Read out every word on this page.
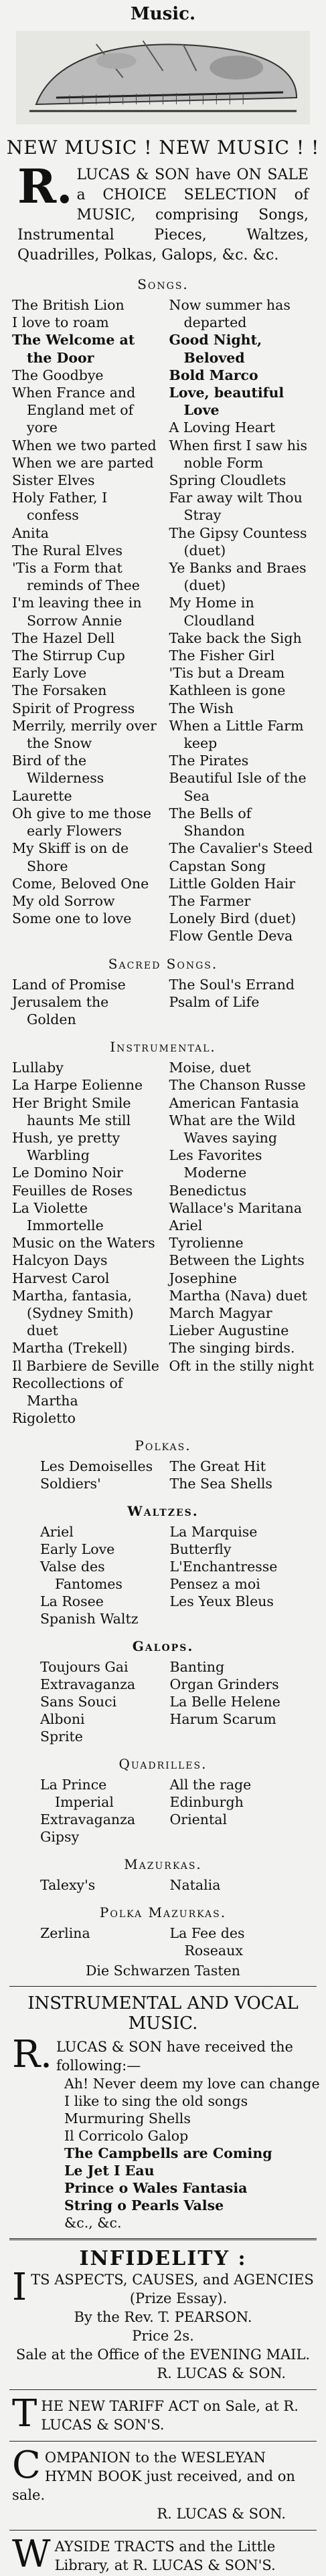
Music.
NEW MUSIC ! NEW MUSIC ! !
R. LUCAS & SON have ON SALE a CHOICE SELECTION of MUSIC, comprising Songs, Instrumental Pieces, Waltzes, Quadrilles, Polkas, Galops, &c. &c.
Songs.
The British Lion
I love to roam
The Welcome at the Door
The Goodbye
When France and England met of yore
When we two parted
When we are parted
Sister Elves
Holy Father, I confess
Anita
The Rural Elves
'Tis a Form that reminds of Thee
I'm leaving thee in Sorrow Annie
The Hazel Dell
The Stirrup Cup
Early Love
The Forsaken
Spirit of Progress
Merrily, merrily over the Snow
Bird of the Wilderness
Laurette
Oh give to me those early Flowers
My Skiff is on de Shore
Come, Beloved One
My old Sorrow
Some one to love
Now summer has departed
Good Night, Beloved
Bold Marco
Love, beautiful Love
A Loving Heart
When first I saw his noble Form
Spring Cloudlets
Far away wilt Thou Stray
The Gipsy Countess (duet)
Ye Banks and Braes (duet)
My Home in Cloudland
Take back the Sigh
The Fisher Girl
'Tis but a Dream
Kathleen is gone
The Wish
When a Little Farm keep
The Pirates
Beautiful Isle of the Sea
The Bells of Shandon
The Cavalier's Steed
Capstan Song
Little Golden Hair
The Farmer
Lonely Bird (duet)
Flow Gentle Deva
Sacred Songs.
Land of Promise
Jerusalem the Golden
The Soul's Errand
Psalm of Life
Instrumental.
Lullaby
La Harpe Eolienne
Her Bright Smile haunts Me still
Hush, ye pretty Warbling
Le Domino Noir
Feuilles de Roses
La Violette Immortelle
Music on the Waters
Halcyon Days
Harvest Carol
Martha, fantasia, (Sydney Smith) duet
Martha (Trekell)
Il Barbiere de Seville
Recollections of Martha
Rigoletto
Moise, duet
The Chanson Russe
American Fantasia
What are the Wild Waves saying
Les Favorites Moderne
Benedictus
Wallace's Maritana
Ariel
Tyrolienne
Between the Lights
Josephine
Martha (Nava) duet
March Magyar
Lieber Augustine
The singing birds.
Oft in the stilly night
Polkas.
Les Demoiselles
Soldiers'
The Great Hit
The Sea Shells
Waltzes.
Ariel
Early Love
Valse des Fantomes
La Rosee
Spanish Waltz
La Marquise
Butterfly
L'Enchantresse
Pensez a moi
Les Yeux Bleus
Galops.
Toujours Gai
Extravaganza
Sans Souci
Alboni
Sprite
Banting
Organ Grinders
La Belle Helene
Harum Scarum
Quadrilles.
La Prince Imperial
Extravaganza
Gipsy
All the rage
Edinburgh
Oriental
Mazurkas.
Talexy's	Natalia
Polka Mazurkas.
Zerlina	La Fee des Roseaux
Die Schwarzen Tasten
INSTRUMENTAL AND VOCAL MUSIC.
R. LUCAS & SON have received the following:—
Ah! Never deem my love can change
I like to sing the old songs
Murmuring Shells
Il Corricolo Galop
The Campbells are Coming
Le Jet I Eau
Prince o Wales Fantasia
String o Pearls Valse
&c., &c.
INFIDELITY :
I TS ASPECTS, CAUSES, and AGENCIES
(Prize Essay).
By the Rev. T. PEARSON.
Price 2s.
Sale at the Office of the EVENING MAIL.
R. LUCAS & SON.
T HE NEW TARIFF ACT on Sale, at R. LUCAS & SON'S.
C OMPANION to the WESLEYAN HYMN BOOK just received, and on sale.
R. LUCAS & SON.
W AYSIDE TRACTS and the Little Library, at R. LUCAS & SON'S.
